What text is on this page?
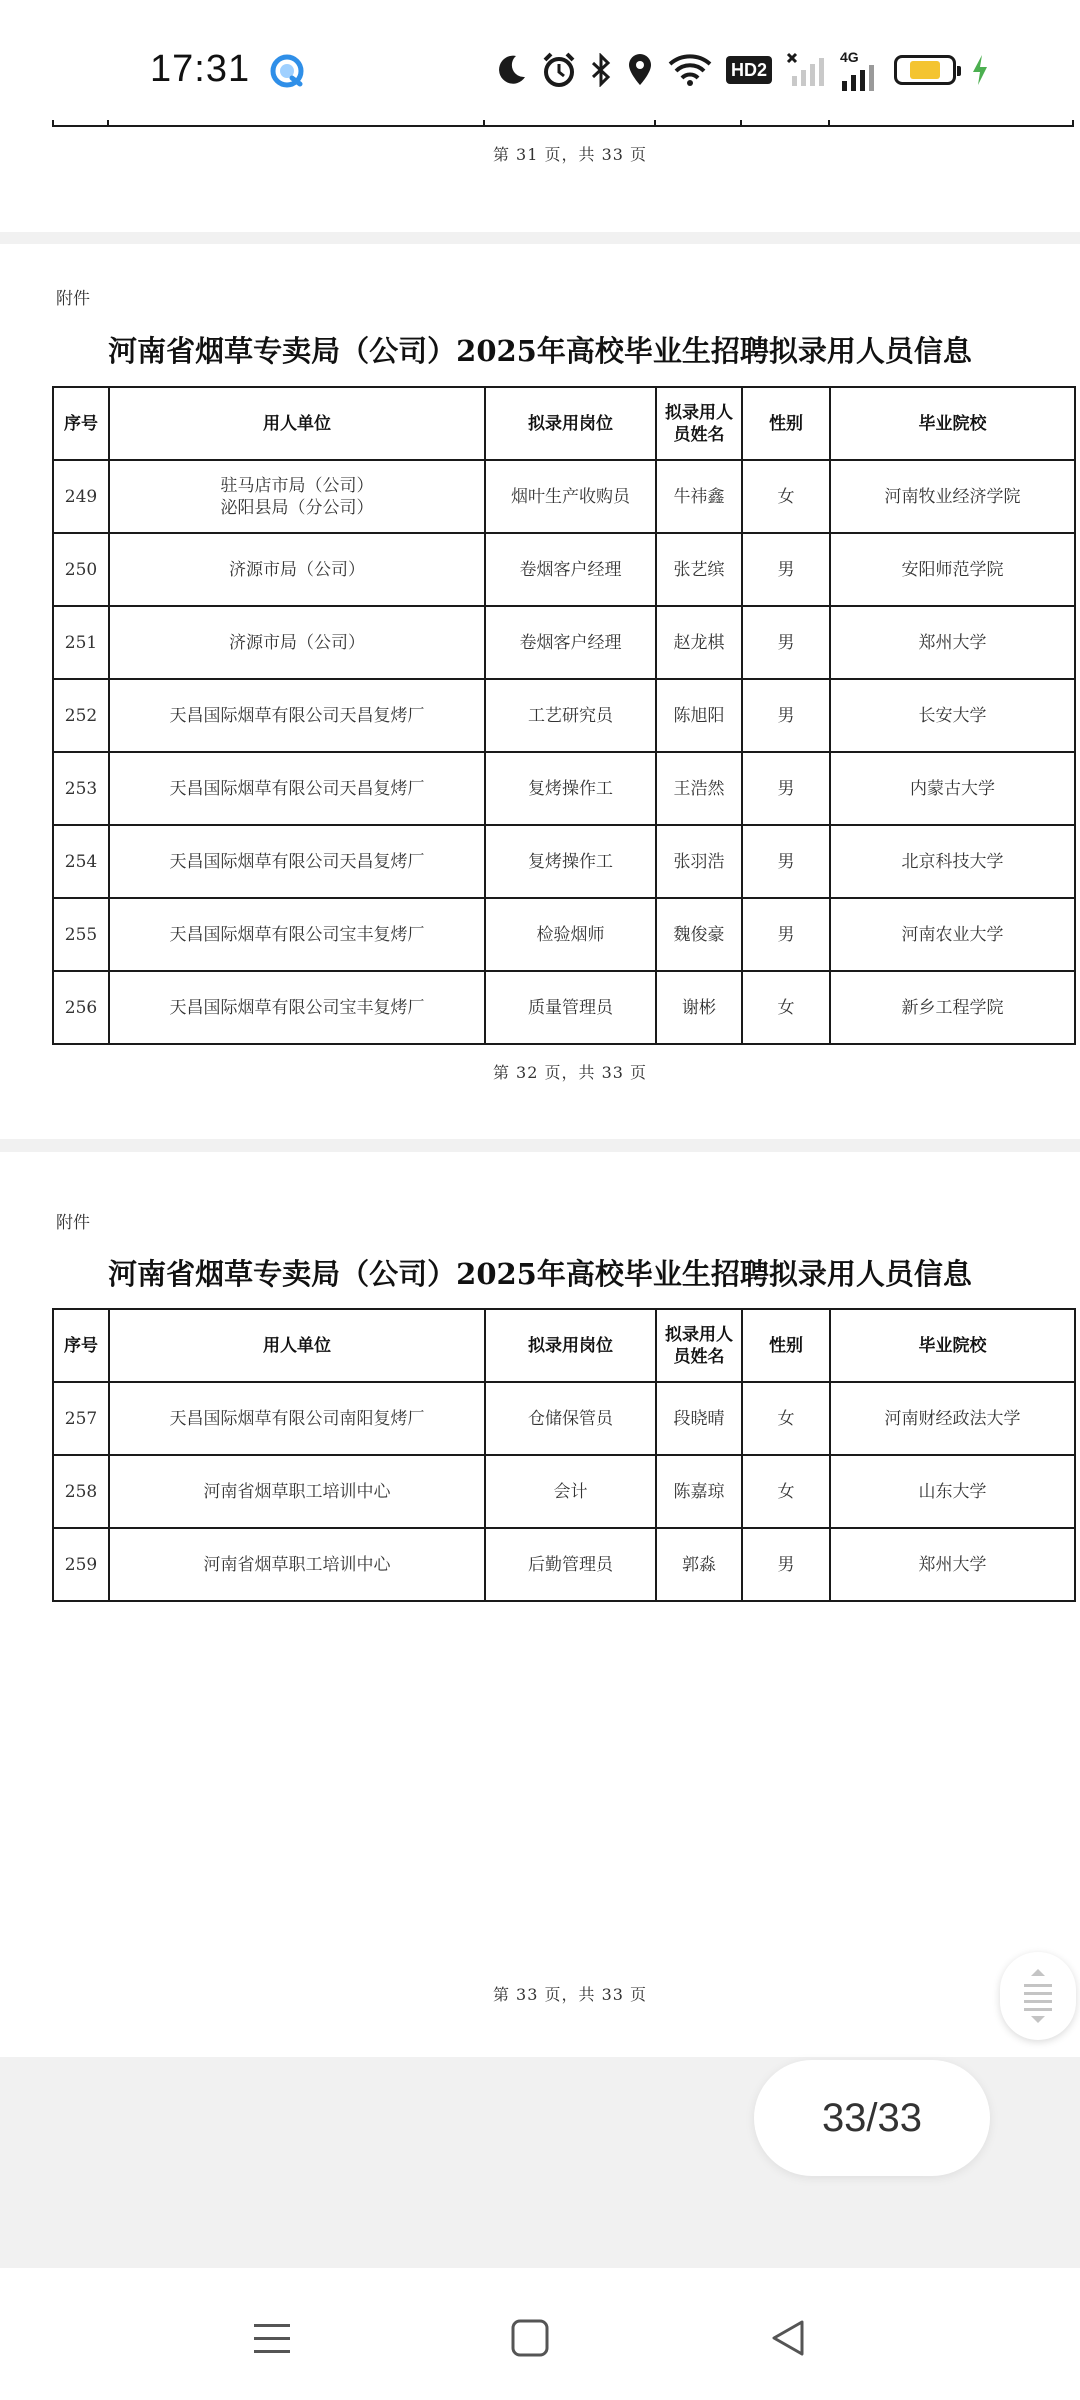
17:31	HD2
4G
第 31 页，共 33 页
附件
河南省烟草专卖局（公司）2025年高校毕业生招聘拟录用人员信息
序号	用人单位	拟录用岗位	拟录用人员姓名	性别	毕业院校
249	驻马店市局（公司）
泌阳县局（分公司）	烟叶生产收购员	牛祎鑫	女	河南牧业经济学院
250	济源市局（公司）	卷烟客户经理	张艺缤	男	安阳师范学院
251	济源市局（公司）	卷烟客户经理	赵龙棋	男	郑州大学
252	天昌国际烟草有限公司天昌复烤厂	工艺研究员	陈旭阳	男	长安大学
253	天昌国际烟草有限公司天昌复烤厂	复烤操作工	王浩然	男	内蒙古大学
254	天昌国际烟草有限公司天昌复烤厂	复烤操作工	张羽浩	男	北京科技大学
255	天昌国际烟草有限公司宝丰复烤厂	检验烟师	魏俊豪	男	河南农业大学
256	天昌国际烟草有限公司宝丰复烤厂	质量管理员	谢彬	女	新乡工程学院
第 32 页，共 33 页
附件
河南省烟草专卖局（公司）2025年高校毕业生招聘拟录用人员信息
序号	用人单位	拟录用岗位	拟录用人员姓名	性别	毕业院校
257	天昌国际烟草有限公司南阳复烤厂	仓储保管员	段晓晴	女	河南财经政法大学
258	河南省烟草职工培训中心	会计	陈嘉琼	女	山东大学
259	河南省烟草职工培训中心	后勤管理员	郭淼	男	郑州大学
第 33 页，共 33 页
33/33
